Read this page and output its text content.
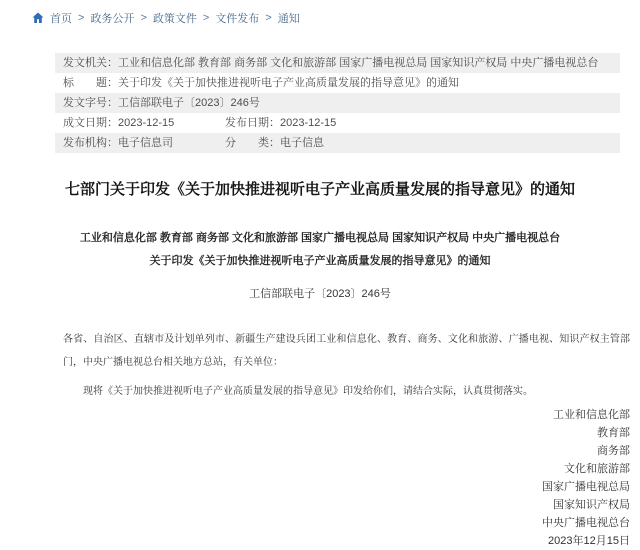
首页 > 政务公开 > 政策文件 > 文件发布 > 通知
发文机关：工业和信息化部 教育部 商务部 文化和旅游部 国家广播电视总局 国家知识产权局 中央广播电视总台
标　　题：关于印发《关于加快推进视听电子产业高质量发展的指导意见》的通知
发文字号：工信部联电子〔2023〕246号
成文日期：2023-12-15	发布日期：2023-12-15
发布机构：电子信息司	分　　类：电子信息
七部门关于印发《关于加快推进视听电子产业高质量发展的指导意见》的通知
工业和信息化部 教育部 商务部 文化和旅游部 国家广播电视总局 国家知识产权局 中央广播电视总台
关于印发《关于加快推进视听电子产业高质量发展的指导意见》的通知
工信部联电子〔2023〕246号

各省、自治区、直辖市及计划单列市、新疆生产建设兵团工业和信息化、教育、商务、文化和旅游、广播电视、知识产权主管部门，中央广播电视总台相关地方总站，有关单位：

现将《关于加快推进视听电子产业高质量发展的指导意见》印发给你们，请结合实际，认真贯彻落实。

工业和信息化部
教育部
商务部
文化和旅游部
国家广播电视总局
国家知识产权局
中央广播电视总台
2023年12月15日
